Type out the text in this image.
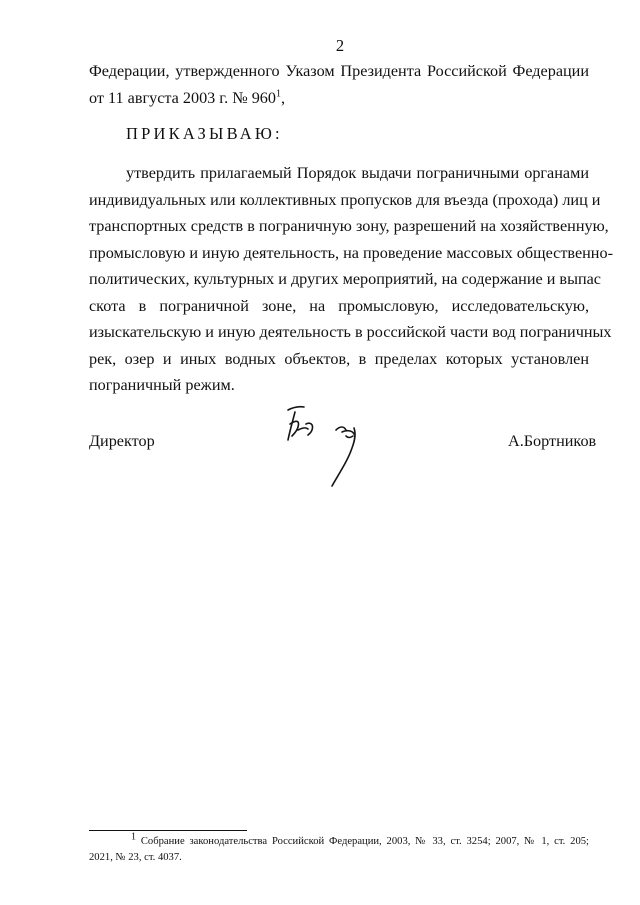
2
Федерации, утвержденного Указом Президента Российской Федерации
от 11 августа 2003 г. № $960^1$,
ПРИКАЗЫВАЮ:
утвердить прилагаемый Порядок выдачи пограничными органами
индивидуальных или коллективных пропусков для въезда (прохода) лиц и
транспортных средств в пограничную зону, разрешений на хозяйственную,
промысловую и иную деятельность, на проведение массовых общественно-
политических, культурных и других мероприятий, на содержание и выпас
скота в пограничной зоне, на промысловую, исследовательскую,
изыскательскую и иную деятельность в российской части вод пограничных
рек, озер и иных водных объектов, в пределах которых установлен
пограничный режим.
Директор	А.Бортников
$^1$ Собрание законодательства Российской Федерации, 2003, № 33, ст. 3254; 2007, № 1, ст. 205;
2021, № 23, ст. 4037.
